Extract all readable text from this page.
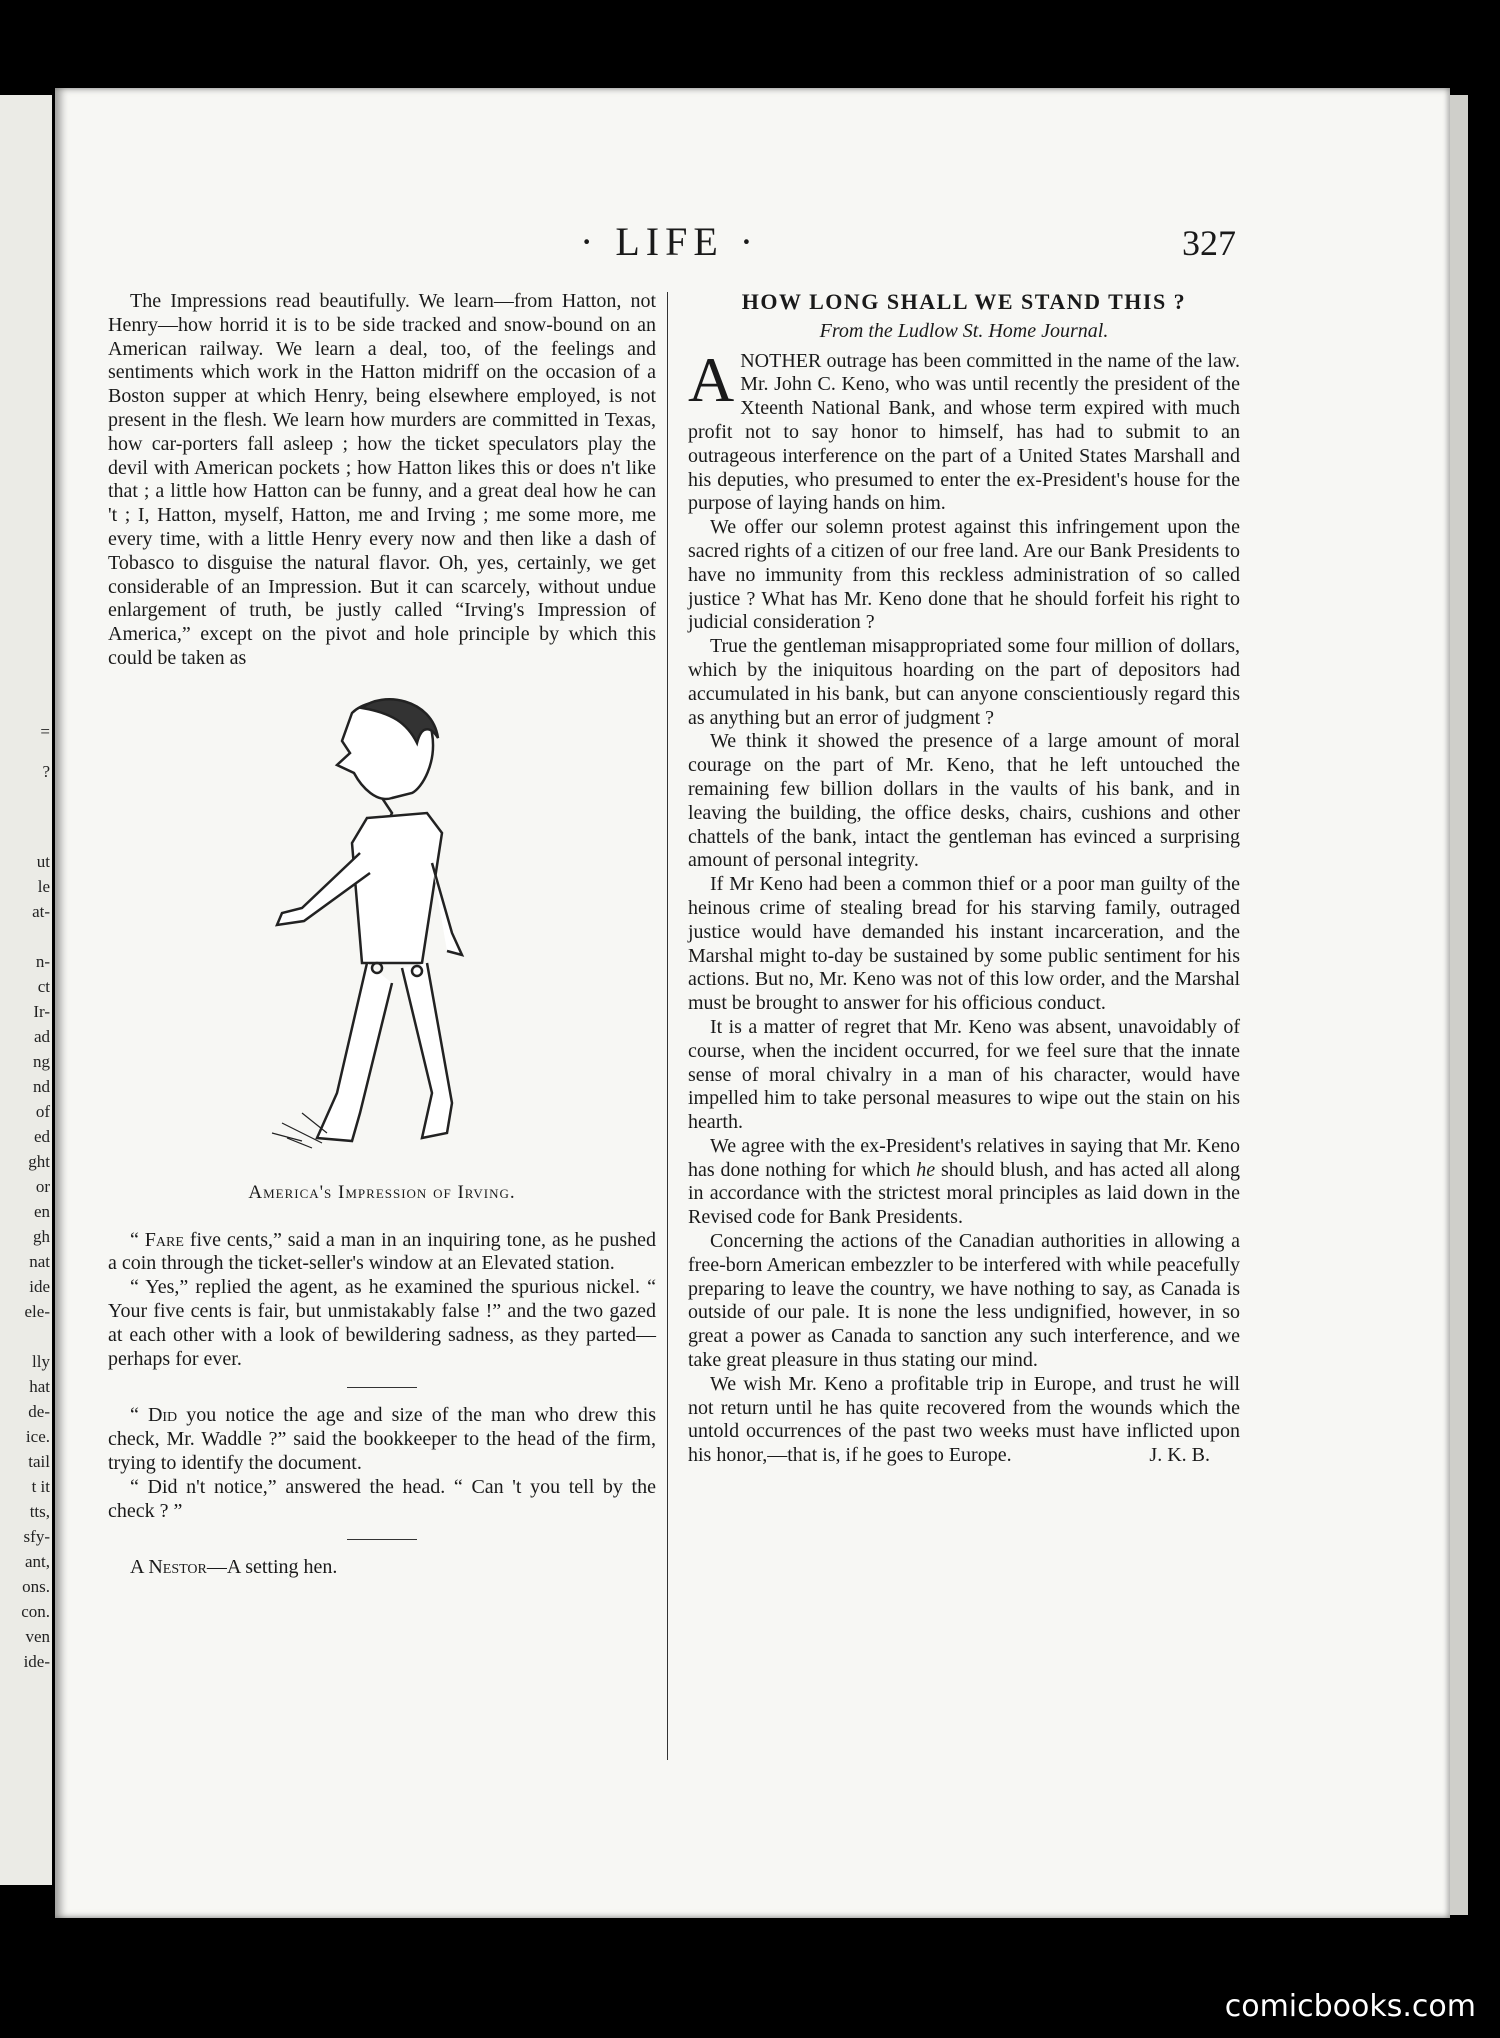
=
?
ut
le
at-
n-
ct
Ir-
ad
ng
nd
of
ed
ght
or
en
gh
nat
ide
ele-
lly
hat
de-
ice.
tail
t it
tts,
sfy-
ant,
ons.
con.
ven
ide-
· LIFE ·	327

The Impressions read beautifully. We learn—from Hatton, not Henry—how horrid it is to be side tracked and snow-bound on an American railway. We learn a deal, too, of the feelings and sentiments which work in the Hatton midriff on the occasion of a Boston supper at which Henry, being elsewhere employed, is not present in the flesh. We learn how murders are committed in Texas, how car-porters fall asleep ; how the ticket speculators play the devil with American pockets ; how Hatton likes this or does n't like that ; a little how Hatton can be funny, and a great deal how he can 't ; I, Hatton, myself, Hatton, me and Irving ; me some more, me every time, with a little Henry every now and then like a dash of Tobasco to disguise the natural flavor. Oh, yes, certainly, we get considerable of an Impression. But it can scarcely, without undue enlargement of truth, be justly called “Irving's Impression of America,” except on the pivot and hole principle by which this could be taken as

America's Impression of Irving.

“ Fare five cents,” said a man in an inquiring tone, as he pushed a coin through the ticket-seller's window at an Elevated station.

“ Yes,” replied the agent, as he examined the spurious nickel. “ Your five cents is fair, but unmistakably false !” and the two gazed at each other with a look of bewildering sadness, as they parted—perhaps for ever.

“ Did you notice the age and size of the man who drew this check, Mr. Waddle ?” said the bookkeeper to the head of the firm, trying to identify the document.

“ Did n't notice,” answered the head. “ Can 't you tell by the check ? ”

A Nestor—A setting hen.

HOW LONG SHALL WE STAND THIS ?
From the Ludlow St. Home Journal.

ANOTHER outrage has been committed in the name of the law. Mr. John C. Keno, who was until recently the president of the Xteenth National Bank, and whose term expired with much profit not to say honor to himself, has had to submit to an outrageous interference on the part of a United States Marshall and his deputies, who presumed to enter the ex-President's house for the purpose of laying hands on him.

We offer our solemn protest against this infringement upon the sacred rights of a citizen of our free land. Are our Bank Presidents to have no immunity from this reckless administration of so called justice ? What has Mr. Keno done that he should forfeit his right to judicial consideration ?

True the gentleman misappropriated some four million of dollars, which by the iniquitous hoarding on the part of depositors had accumulated in his bank, but can anyone conscientiously regard this as anything but an error of judgment ?

We think it showed the presence of a large amount of moral courage on the part of Mr. Keno, that he left untouched the remaining few billion dollars in the vaults of his bank, and in leaving the building, the office desks, chairs, cushions and other chattels of the bank, intact the gentleman has evinced a surprising amount of personal integrity.

If Mr Keno had been a common thief or a poor man guilty of the heinous crime of stealing bread for his starving family, outraged justice would have demanded his instant incarceration, and the Marshal might to-day be sustained by some public sentiment for his actions. But no, Mr. Keno was not of this low order, and the Marshal must be brought to answer for his officious conduct.

It is a matter of regret that Mr. Keno was absent, unavoidably of course, when the incident occurred, for we feel sure that the innate sense of moral chivalry in a man of his character, would have impelled him to take personal measures to wipe out the stain on his hearth.

We agree with the ex-President's relatives in saying that Mr. Keno has done nothing for which he should blush, and has acted all along in accordance with the strictest moral principles as laid down in the Revised code for Bank Presidents.

Concerning the actions of the Canadian authorities in allowing a free-born American embezzler to be interfered with while peacefully preparing to leave the country, we have nothing to say, as Canada is outside of our pale. It is none the less undignified, however, in so great a power as Canada to sanction any such interference, and we take great pleasure in thus stating our mind.

We wish Mr. Keno a profitable trip in Europe, and trust he will not return until he has quite recovered from the wounds which the untold occurrences of the past two weeks must have inflicted upon his honor,—that is, if he goes to Europe.	J. K. B.

comicbooks.com
